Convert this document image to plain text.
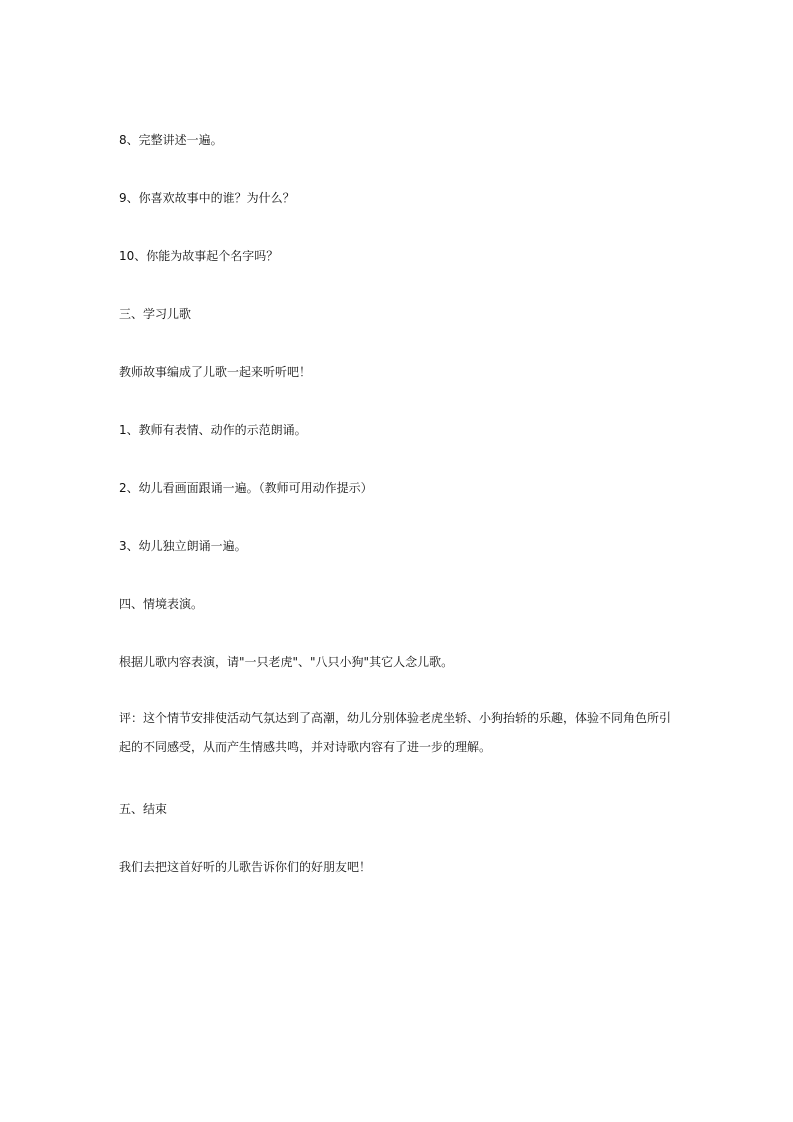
8、完整讲述一遍。

9、你喜欢故事中的谁？为什么？

10、你能为故事起个名字吗？

三、学习儿歌

教师故事编成了儿歌一起来听听吧！

1、教师有表情、动作的示范朗诵。

2、幼儿看画面跟诵一遍。（教师可用动作提示）

3、幼儿独立朗诵一遍。

四、情境表演。

根据儿歌内容表演，请"一只老虎"、"八只小狗"其它人念儿歌。

评：这个情节安排使活动气氛达到了高潮，幼儿分别体验老虎坐轿、小狗抬轿的乐趣，体验不同角色所引起的不同感受，从而产生情感共鸣，并对诗歌内容有了进一步的理解。

五、结束

我们去把这首好听的儿歌告诉你们的好朋友吧！
